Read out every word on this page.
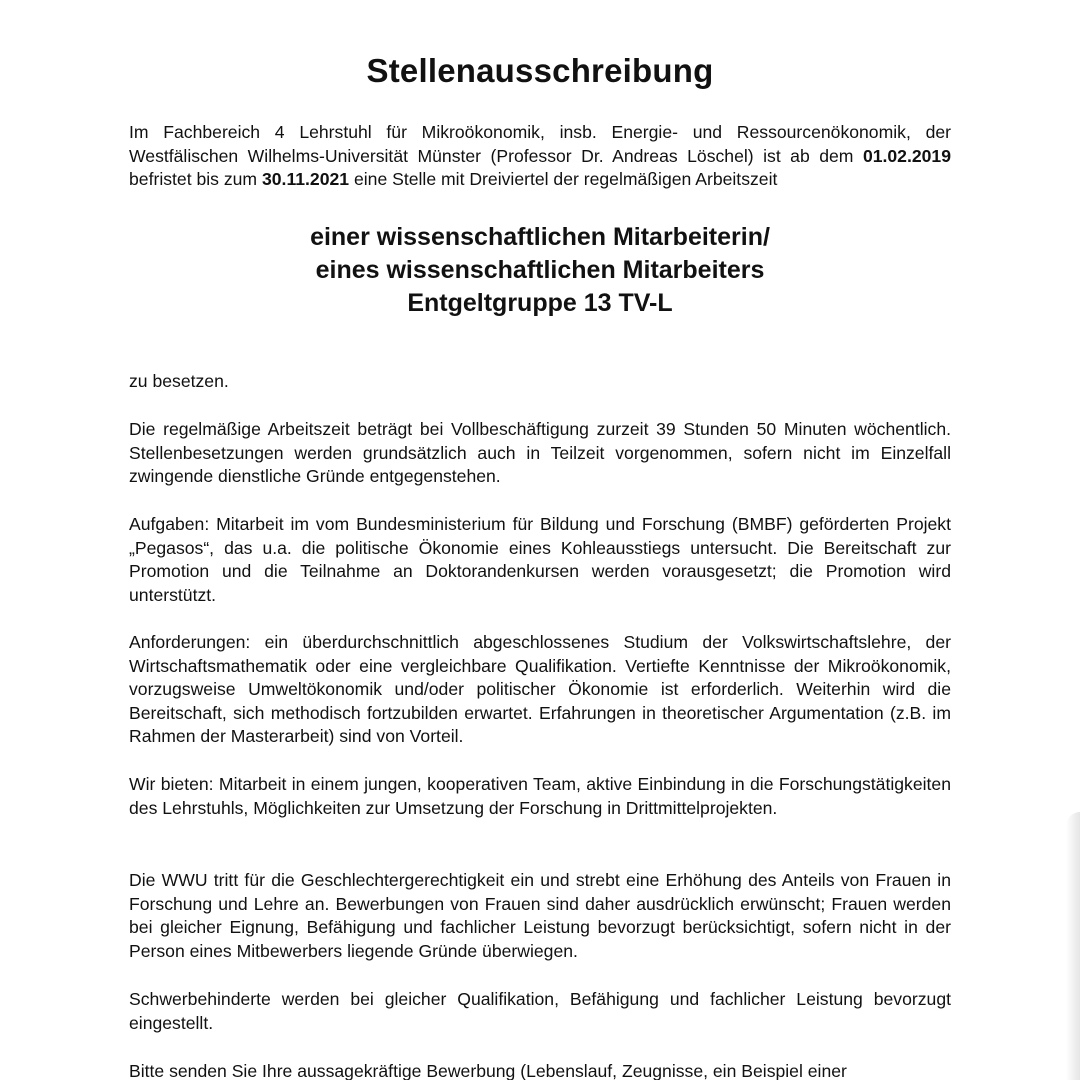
Stellenausschreibung

Im Fachbereich 4 Lehrstuhl für Mikroökonomik, insb. Energie- und Ressourcenökonomik, der Westfälischen Wilhelms-Universität Münster (Professor Dr. Andreas Löschel) ist ab dem 01.02.2019 befristet bis zum 30.11.2021 eine Stelle mit Dreiviertel der regelmäßigen Arbeitszeit

einer wissenschaftlichen Mitarbeiterin/
eines wissenschaftlichen Mitarbeiters
Entgeltgruppe 13 TV-L

zu besetzen.

Die regelmäßige Arbeitszeit beträgt bei Vollbeschäftigung zurzeit 39 Stunden 50 Minuten wöchentlich. Stellenbesetzungen werden grundsätzlich auch in Teilzeit vorgenommen, sofern nicht im Einzelfall zwingende dienstliche Gründe entgegenstehen.

Aufgaben: Mitarbeit im vom Bundesministerium für Bildung und Forschung (BMBF) geförderten Projekt „Pegasos“, das u.a. die politische Ökonomie eines Kohleausstiegs untersucht. Die Bereitschaft zur Promotion und die Teilnahme an Doktorandenkursen werden vorausgesetzt; die Promotion wird unterstützt.

Anforderungen: ein überdurchschnittlich abgeschlossenes Studium der Volkswirtschaftslehre, der Wirtschaftsmathematik oder eine vergleichbare Qualifikation. Vertiefte Kenntnisse der Mikroökonomik, vorzugsweise Umweltökonomik und/oder politischer Ökonomie ist erforderlich. Weiterhin wird die Bereitschaft, sich methodisch fortzubilden erwartet. Erfahrungen in theoretischer Argumentation (z.B. im Rahmen der Masterarbeit) sind von Vorteil.

Wir bieten: Mitarbeit in einem jungen, kooperativen Team, aktive Einbindung in die Forschungstätigkeiten des Lehrstuhls, Möglichkeiten zur Umsetzung der Forschung in Drittmittelprojekten.

Die WWU tritt für die Geschlechtergerechtigkeit ein und strebt eine Erhöhung des Anteils von Frauen in Forschung und Lehre an. Bewerbungen von Frauen sind daher ausdrücklich erwünscht; Frauen werden bei gleicher Eignung, Befähigung und fachlicher Leistung bevorzugt berücksichtigt, sofern nicht in der Person eines Mitbewerbers liegende Gründe überwiegen.

Schwerbehinderte werden bei gleicher Qualifikation, Befähigung und fachlicher Leistung bevorzugt eingestellt.

Bitte senden Sie Ihre aussagekräftige Bewerbung (Lebenslauf, Zeugnisse, ein Beispiel einer
